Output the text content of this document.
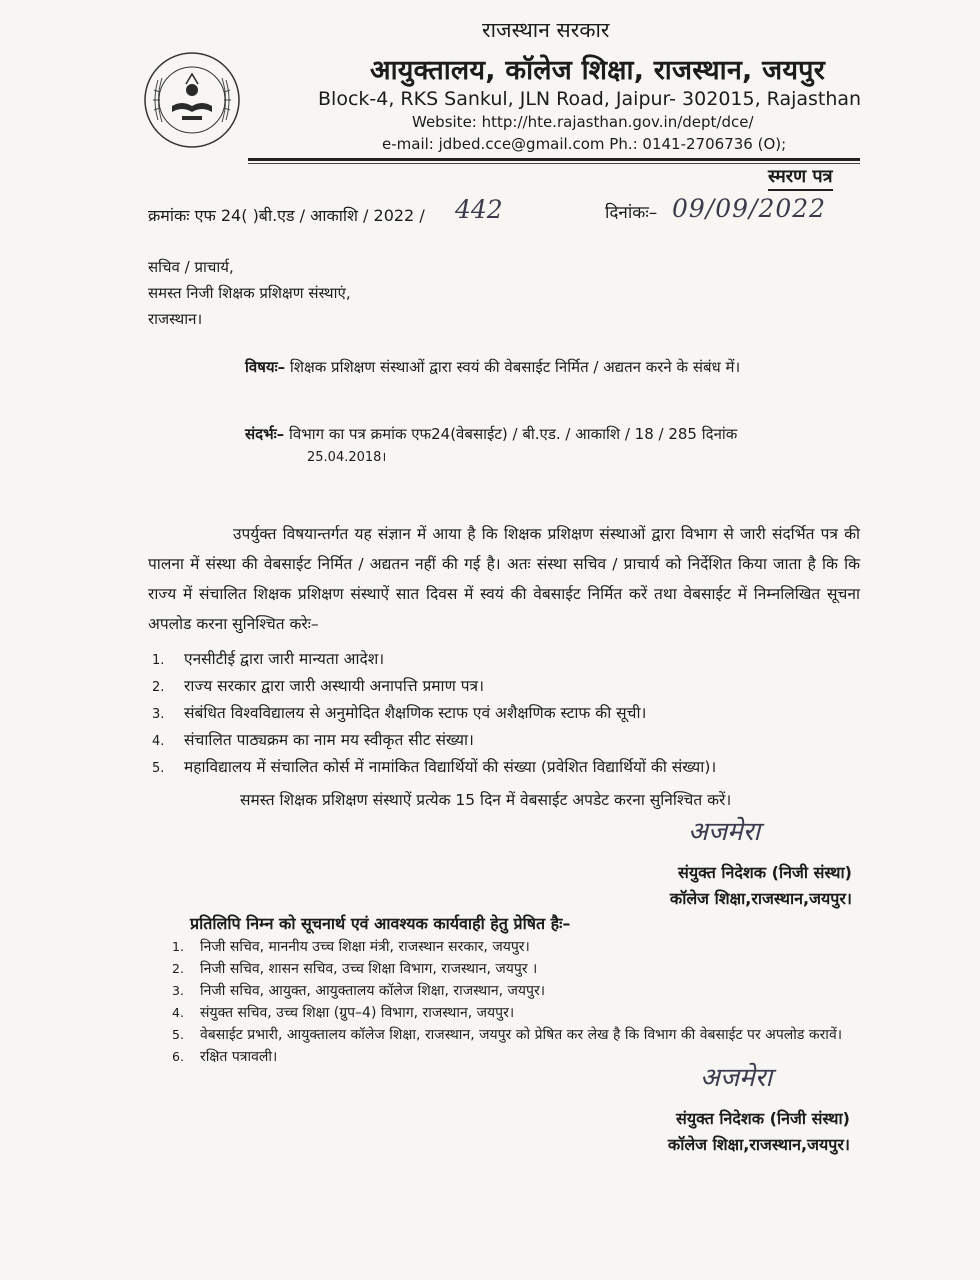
राजस्थान सरकार
आयुक्तालय, कॉलेज शिक्षा, राजस्थान, जयपुर
Block-4, RKS Sankul, JLN Road, Jaipur- 302015, Rajasthan
Website: http://hte.rajasthan.gov.in/dept/dce/
e-mail: jdbed.cce@gmail.com Ph.: 0141-2706736 (O);
स्मरण पत्र
क्रमांकः एफ 24( )बी.एड / आकाशि / 2022 / 442	दिनांकः– 09/09/2022
सचिव / प्राचार्य,
समस्त निजी शिक्षक प्रशिक्षण संस्थाएं,
राजस्थान।
विषयः– शिक्षक प्रशिक्षण संस्थाओं द्वारा स्वयं की वेबसाईट निर्मित / अद्यतन करने के संबंध में।
संदर्भः– विभाग का पत्र क्रमांक एफ24(वेबसाईट) / बी.एड. / आकाशि / 18 / 285 दिनांक
25.04.2018।
उपर्युक्त विषयान्तर्गत यह संज्ञान में आया है कि शिक्षक प्रशिक्षण संस्थाओं द्वारा विभाग से जारी संदर्भित पत्र की पालना में संस्था की वेबसाईट निर्मित / अद्यतन नहीं की गई है। अतः संस्था सचिव / प्राचार्य को निर्देशित किया जाता है कि कि राज्य में संचालित शिक्षक प्रशिक्षण संस्थाऐं सात दिवस में स्वयं की वेबसाईट निर्मित करें तथा वेबसाईट में निम्नलिखित सूचना अपलोड करना सुनिश्चित करेः–
1. एनसीटीई द्वारा जारी मान्यता आदेश।
2. राज्य सरकार द्वारा जारी अस्थायी अनापत्ति प्रमाण पत्र।
3. संबंधित विश्वविद्यालय से अनुमोदित शैक्षणिक स्टाफ एवं अशैक्षणिक स्टाफ की सूची।
4. संचालित पाठ्यक्रम का नाम मय स्वीकृत सीट संख्या।
5. महाविद्यालय में संचालित कोर्स में नामांकित विद्यार्थियों की संख्या (प्रवेशित विद्यार्थियों की संख्या)।
समस्त शिक्षक प्रशिक्षण संस्थाऐं प्रत्येक 15 दिन में वेबसाईट अपडेट करना सुनिश्चित करें।
अजमेरा
संयुक्त निदेशक (निजी संस्था)
कॉलेज शिक्षा,राजस्थान,जयपुर।
प्रतिलिपि निम्न को सूचनार्थ एवं आवश्यक कार्यवाही हेतु प्रेषित हैः–
1.	निजी सचिव, माननीय उच्च शिक्षा मंत्री, राजस्थान सरकार, जयपुर।
2.	निजी सचिव, शासन सचिव, उच्च शिक्षा विभाग, राजस्थान, जयपुर ।
3.	निजी सचिव, आयुक्त, आयुक्तालय कॉलेज शिक्षा, राजस्थान, जयपुर।
4.	संयुक्त सचिव, उच्च शिक्षा (ग्रुप–4) विभाग, राजस्थान, जयपुर।
5.	वेबसाईट प्रभारी, आयुक्तालय कॉलेज शिक्षा, राजस्थान, जयपुर को प्रेषित कर लेख है कि विभाग की वेबसाईट पर अपलोड करावें।
6.	रक्षित पत्रावली।
अजमेरा
संयुक्त निदेशक (निजी संस्था)
कॉलेज शिक्षा,राजस्थान,जयपुर।
